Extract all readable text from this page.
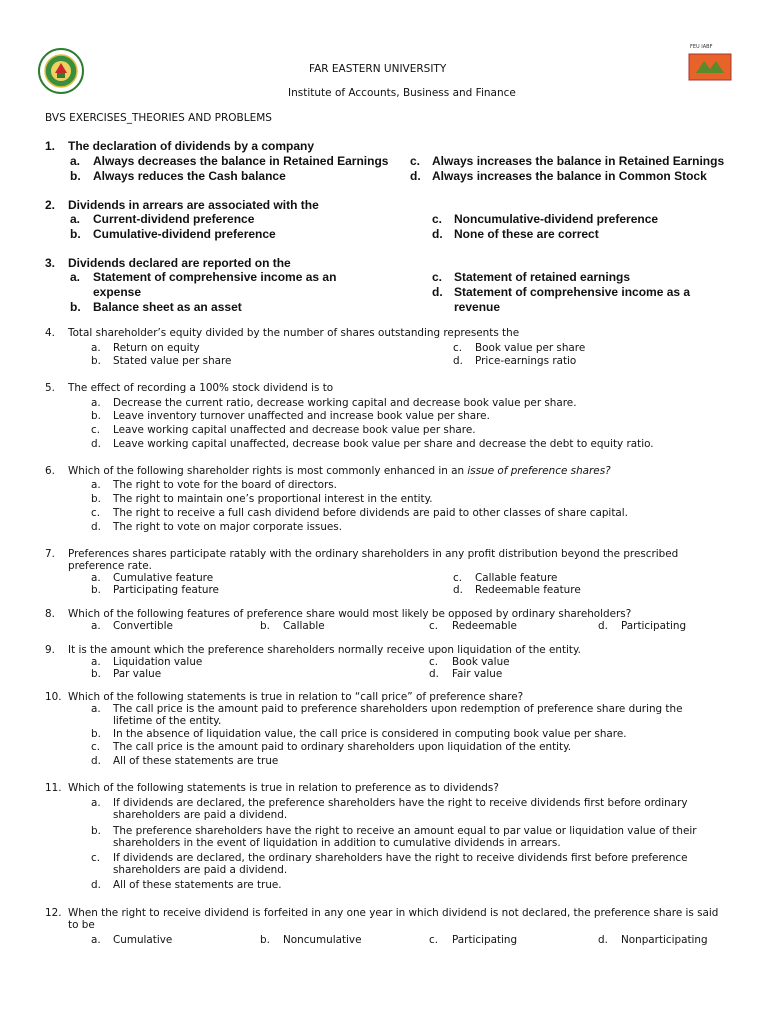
FEU IABF
FAR EASTERN UNIVERSITY
Institute of Accounts, Business and Finance
BVS EXERCISES_THEORIES AND PROBLEMS
1. The declaration of dividends by a company
a. Always decreases the balance in Retained Earnings
b. Always reduces the Cash balance
c. Always increases the balance in Retained Earnings
d. Always increases the balance in Common Stock
2. Dividends in arrears are associated with the
a. Current-dividend preference
b. Cumulative-dividend preference
c. Noncumulative-dividend preference
d. None of these are correct
3. Dividends declared are reported on the
a. Statement of comprehensive income as an expense
b. Balance sheet as an asset
c. Statement of retained earnings
d. Statement of comprehensive income as a revenue
4. Total shareholder’s equity divided by the number of shares outstanding represents the
a. Return on equity
b. Stated value per share
c. Book value per share
d. Price-earnings ratio
5. The effect of recording a 100% stock dividend is to
a. Decrease the current ratio, decrease working capital and decrease book value per share.
b. Leave inventory turnover unaffected and increase book value per share.
c. Leave working capital unaffected and decrease book value per share.
d. Leave working capital unaffected, decrease book value per share and decrease the debt to equity ratio.
6. Which of the following shareholder rights is most commonly enhanced in an issue of preference shares?
a. The right to vote for the board of directors.
b. The right to maintain one’s proportional interest in the entity.
c. The right to receive a full cash dividend before dividends are paid to other classes of share capital.
d. The right to vote on major corporate issues.
7. Preferences shares participate ratably with the ordinary shareholders in any profit distribution beyond the prescribed preference rate.
a. Cumulative feature
b. Participating feature
c. Callable feature
d. Redeemable feature
8. Which of the following features of preference share would most likely be opposed by ordinary shareholders?
a. Convertible	b. Callable	c. Redeemable	d. Participating
9. It is the amount which the preference shareholders normally receive upon liquidation of the entity.
a. Liquidation value
b. Par value
c. Book value
d. Fair value
10. Which of the following statements is true in relation to “call price” of preference share?
a. The call price is the amount paid to preference shareholders upon redemption of preference share during the lifetime of the entity.
b. In the absence of liquidation value, the call price is considered in computing book value per share.
c. The call price is the amount paid to ordinary shareholders upon liquidation of the entity.
d. All of these statements are true
11. Which of the following statements is true in relation to preference as to dividends?
a. If dividends are declared, the preference shareholders have the right to receive dividends first before ordinary shareholders are paid a dividend.
b. The preference shareholders have the right to receive an amount equal to par value or liquidation value of their shareholders in the event of liquidation in addition to cumulative dividends in arrears.
c. If dividends are declared, the ordinary shareholders have the right to receive dividends first before preference shareholders are paid a dividend.
d. All of these statements are true.
12. When the right to receive dividend is forfeited in any one year in which dividend is not declared, the preference share is said to be
a. Cumulative	b. Noncumulative	c. Participating	d. Nonparticipating
